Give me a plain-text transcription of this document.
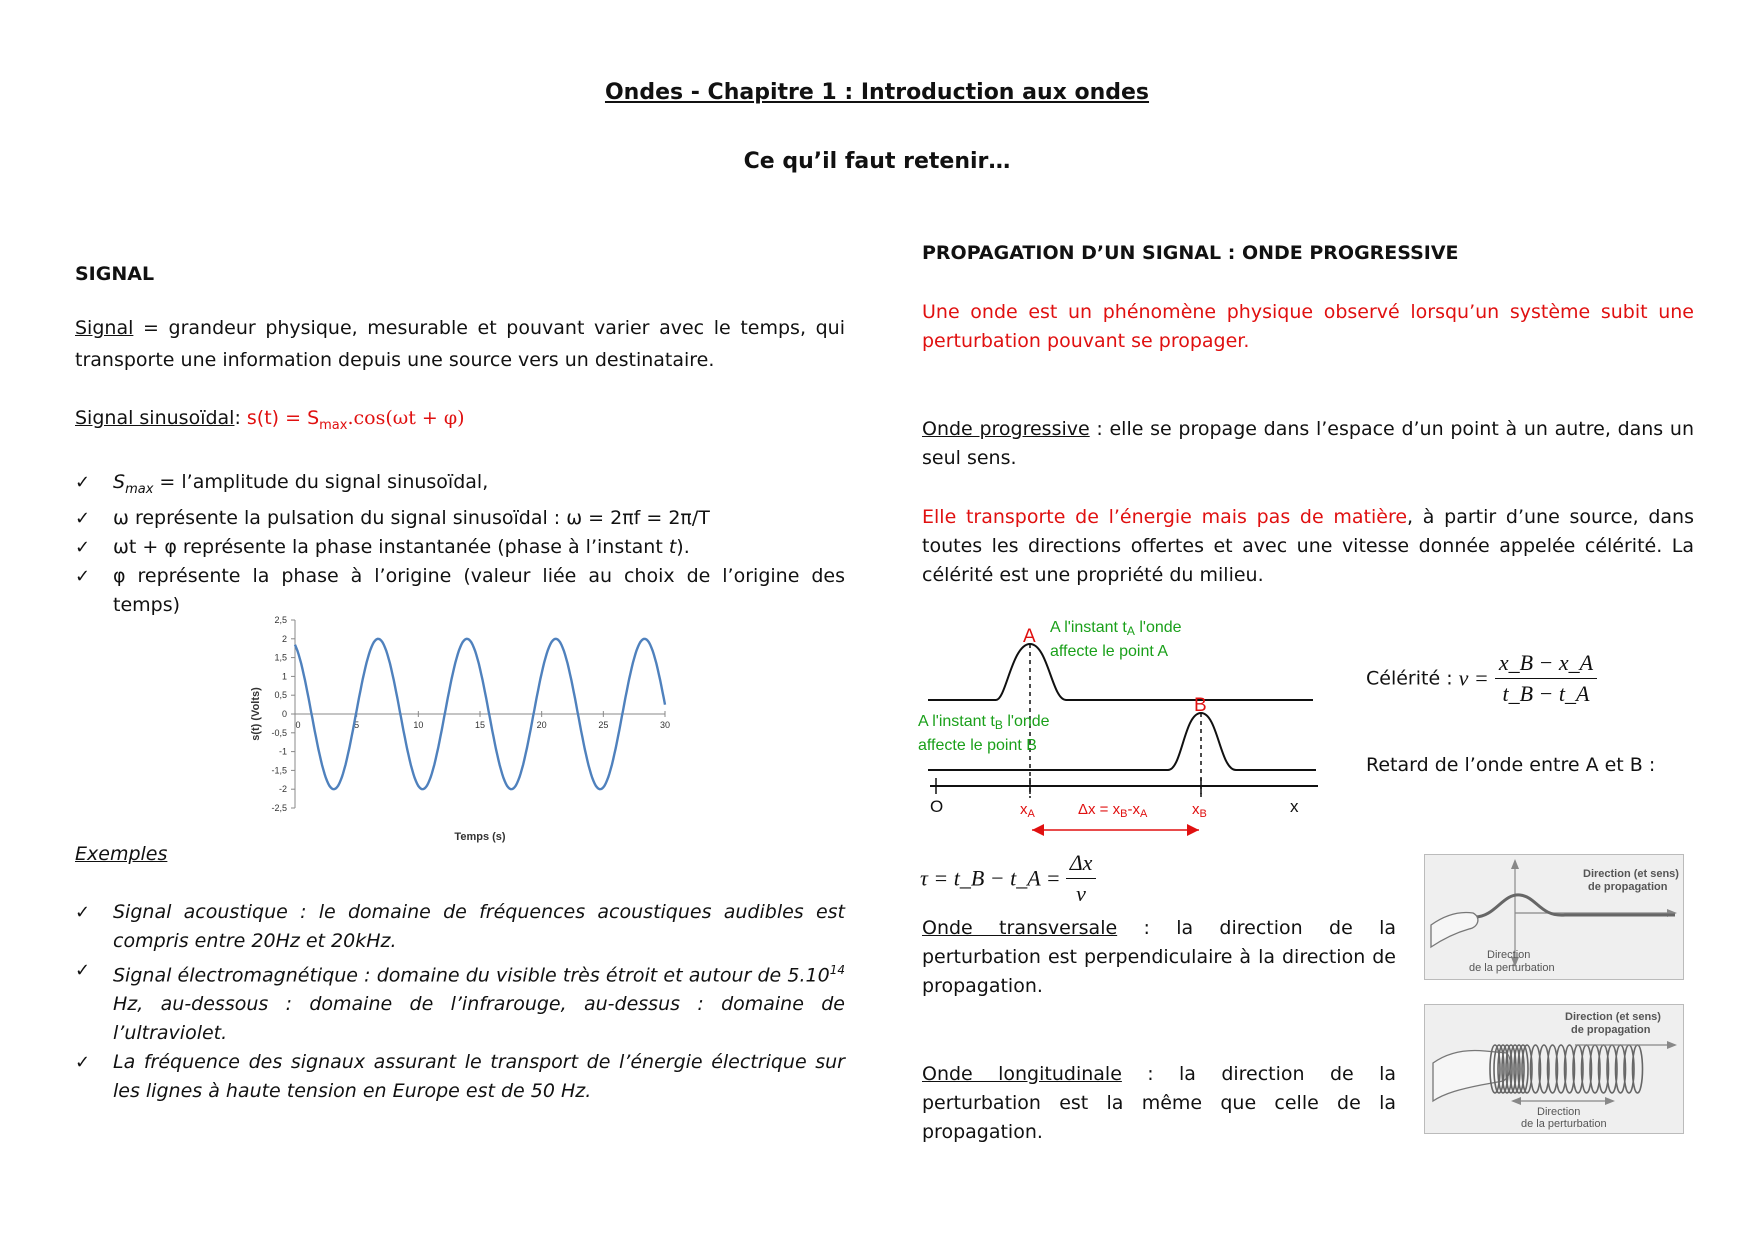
Ondes - Chapitre 1 : Introduction aux ondes
Ce qu’il faut retenir…
SIGNAL
Signal = grandeur physique, mesurable et pouvant varier avec le temps, qui transporte une information depuis une source vers un destinataire.
Signal sinusoïdal: $s(t) = S_{max}.\cos(\omega t + \varphi)$
✓ $S_{max}$ = l’amplitude du signal sinusoïdal,
✓ ω représente la pulsation du signal sinusoïdal : ω = 2πf = 2π/T
✓ ωt + φ représente la phase instantanée (phase à l’instant t).
✓ φ représente la phase à l’origine (valeur liée au choix de l’origine des temps)
2,5
2
1,5
1
0,5
0
-0,5
-1
-1,5
-2
-2,5
0	5	10	15	20	25	30
Temps (s)
s(t) (Volts)
Exemples
✓ Signal acoustique : le domaine de fréquences acoustiques audibles est compris entre 20Hz et 20kHz.
✓ Signal électromagnétique : domaine du visible très étroit et autour de 5.10$^{14}$ Hz, au-dessous : domaine de l’infrarouge, au-dessus : domaine de l’ultraviolet.
✓ La fréquence des signaux assurant le transport de l’énergie électrique sur les lignes à haute tension en Europe est de 50 Hz.
PROPAGATION D’UN SIGNAL : ONDE PROGRESSIVE
Une onde est un phénomène physique observé lorsqu’un système subit une perturbation pouvant se propager.
Onde progressive : elle se propage dans l’espace d’un point à un autre, dans un seul sens.
Elle transporte de l’énergie mais pas de matière, à partir d’une source, dans toutes les directions offertes et avec une vitesse donnée appelée célérité. La célérité est une propriété du milieu.
A
B
A l'instant tA l'onde
affecte le point A
A l'instant tB l'onde
affecte le point B
O	$x_A$	$\Delta x = x_B-x_A$	$x_B$	x
Célérité : $v = \frac{x\_B - x\_A}{t\_B - t\_A}$
Retard de l’onde entre A et B :
τ = t_B − t_A = $\frac{\Delta x}{v}$
Onde transversale : la direction de la perturbation est perpendiculaire à la direction de propagation.
Onde longitudinale : la direction de la perturbation est la même que celle de la propagation.
Direction (et sens)
de propagation
Direction
de la perturbation
Direction (et sens)
de propagation
Direction
de la perturbation
